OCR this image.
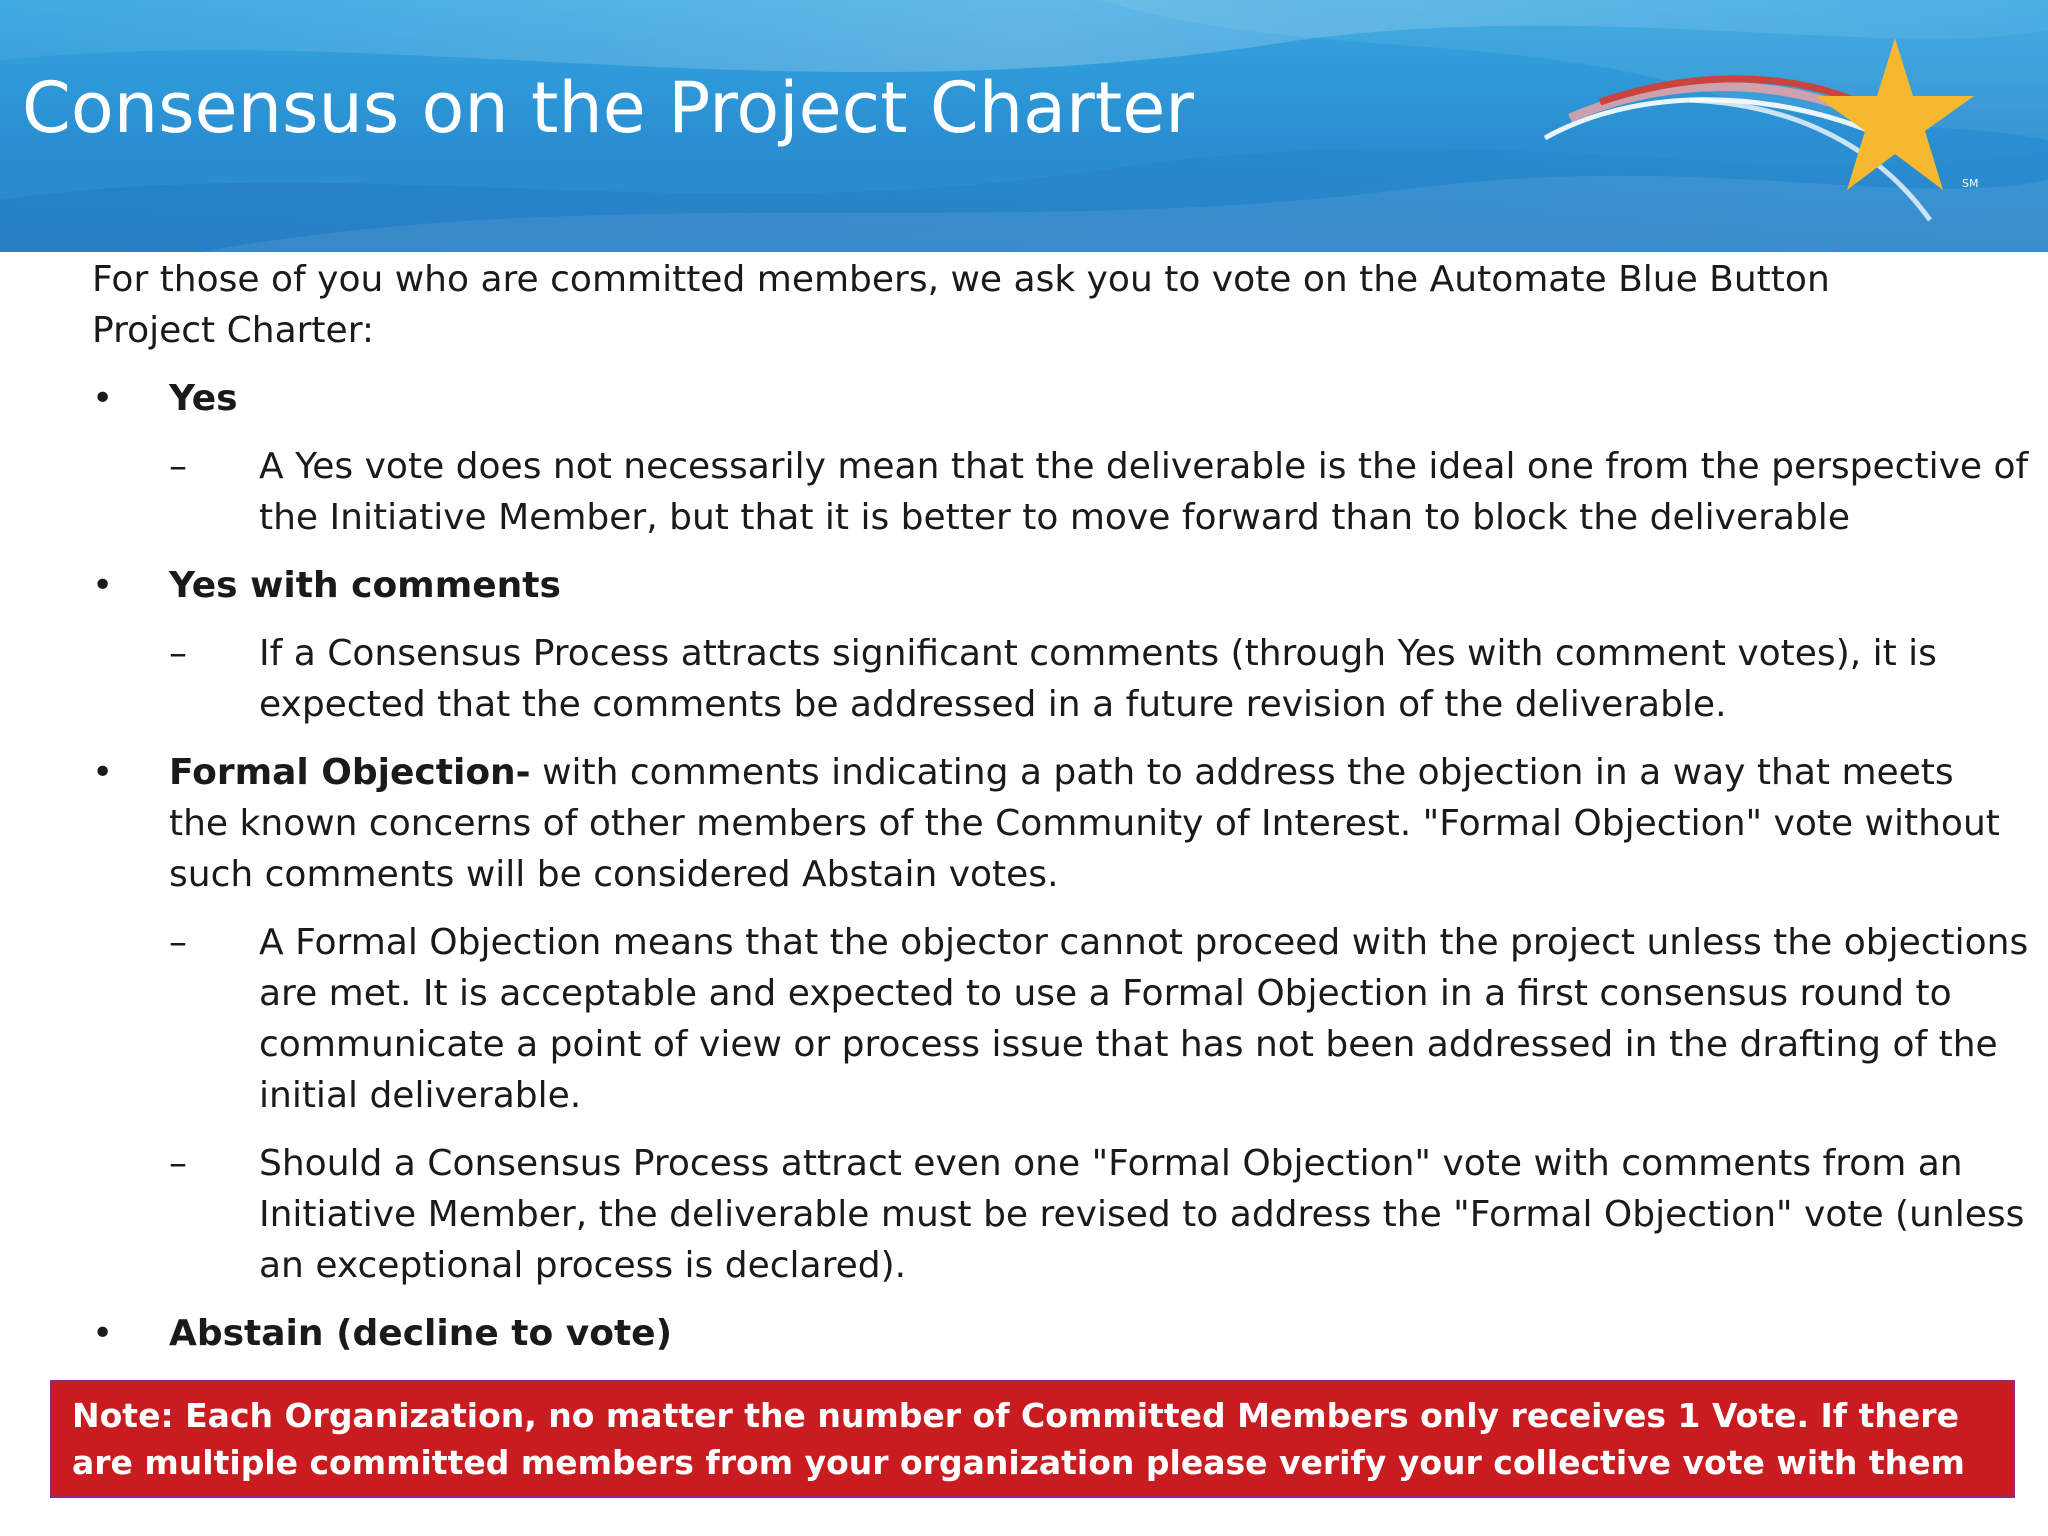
Consensus on the Project Charter
SM

For those of you who are committed members, we ask you to vote on the Automate Blue Button Project Charter:

• Yes
– A Yes vote does not necessarily mean that the deliverable is the ideal one from the perspective of the Initiative Member, but that it is better to move forward than to block the deliverable
• Yes with comments
– If a Consensus Process attracts significant comments (through Yes with comment votes), it is expected that the comments be addressed in a future revision of the deliverable.
• Formal Objection- with comments indicating a path to address the objection in a way that meets the known concerns of other members of the Community of Interest. "Formal Objection" vote without such comments will be considered Abstain votes.
– A Formal Objection means that the objector cannot proceed with the project unless the objections are met. It is acceptable and expected to use a Formal Objection in a first consensus round to communicate a point of view or process issue that has not been addressed in the drafting of the initial deliverable.
– Should a Consensus Process attract even one "Formal Objection" vote with comments from an Initiative Member, the deliverable must be revised to address the "Formal Objection" vote (unless an exceptional process is declared).
• Abstain (decline to vote)
Note: Each Organization, no matter the number of Committed Members only receives 1 Vote. If there are multiple committed members from your organization please verify your collective vote with them
